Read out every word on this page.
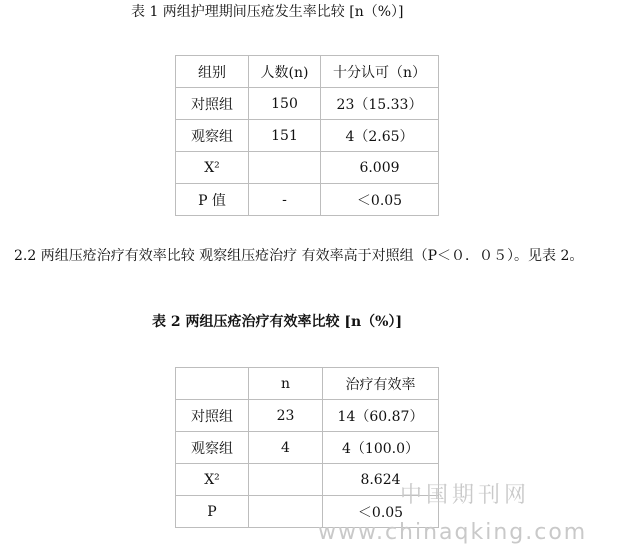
表 1 两组护理期间压疮发生率比较 [n（%）]
组别	人数(n)	十分认可（n）
对照组	150	23（15.33）
观察组	151	4（2.65）
X²		6.009
P 值	-	＜0.05
2.2 两组压疮治疗有效率比较 观察组压疮治疗 有效率高于对照组（P＜０．０５）。见表 2。
表 2 两组压疮治疗有效率比较 [n（%）]
	n	治疗有效率
对照组	23	14（60.87）
观察组	4	4（100.0）
X²		8.624
P		＜0.05
中国期刊网
www.chinaqking.com
